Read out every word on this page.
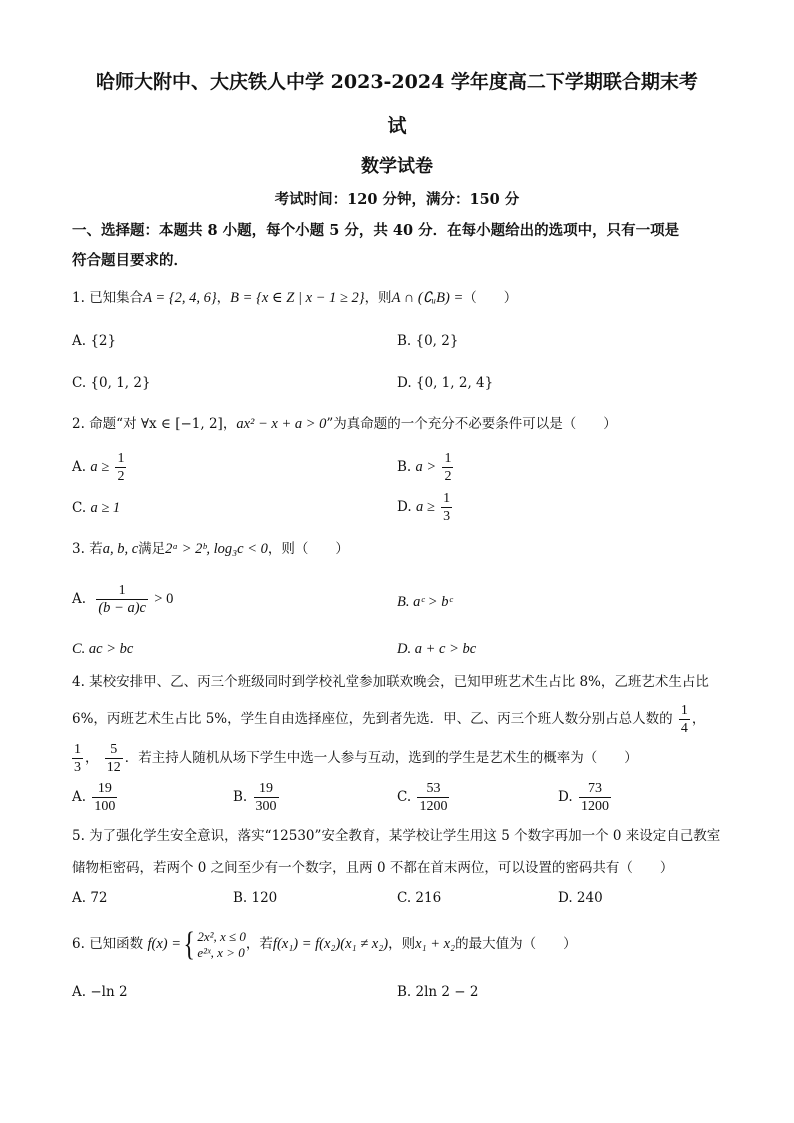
哈师大附中、大庆铁人中学 2023-2024 学年度高二下学期联合期末考
试
数学试卷
考试时间：120 分钟，满分：150 分
一、选择题：本题共 8 小题，每个小题 5 分，共 40 分．在每小题给出的选项中，只有一项是
符合题目要求的．
1. 已知集合A = {2, 4, 6}，B = {x ∈ Z | x − 1 ≥ 2}，则A ∩ (∁ᵤB) =（　　）
A. {2}	B. {0, 2}
C. {0, 1, 2}	D. {0, 1, 2, 4}
2. 命题“对 ∀x ∈ [−1, 2]，ax² − x + a > 0”为真命题的一个充分不必要条件可以是（　　）
A. $a \ge \frac{1}{2}$	B. $a > \frac{1}{2}$
C. a ≥ 1	D. $a \ge \frac{1}{3}$
3. 若a, b, c满足2ᵃ > 2ᵇ, log₃c < 0，则（　　）
A. $\frac{1}{(b - a)c} > 0$	B. aᶜ > bᶜ
C. ac > bc	D. a + c > bc
4. 某校安排甲、乙、丙三个班级同时到学校礼堂参加联欢晚会，已知甲班艺术生占比 8%，乙班艺术生占比
6%，丙班艺术生占比 5%，学生自由选择座位，先到者先选．甲、乙、丙三个班人数分别占总人数的 $\frac{1}{4}$ ，
$\frac{1}{3}$ ， $\frac{5}{12}$ ．若主持人随机从场下学生中选一人参与互动，选到的学生是艺术生的概率为（　　）
A. $\frac{19}{100}$	B. $\frac{19}{300}$	C. $\frac{53}{1200}$	D. $\frac{73}{1200}$
5. 为了强化学生安全意识，落实“12530”安全教育，某学校让学生用这 5 个数字再加一个 0 来设定自己教室
储物柜密码，若两个 0 之间至少有一个数字，且两 0 不都在首末两位，可以设置的密码共有（　　）
A. 72	B. 120	C. 216	D. 240
6. 已知函数 f(x) ={ 2x², x ≤ 0
e²ˣ, x > 0
，若f(x₁) = f(x₂)(x₁ ≠ x₂)，则x₁ + x₂的最大值为（　　）
A. −ln 2	B. 2ln 2 − 2
